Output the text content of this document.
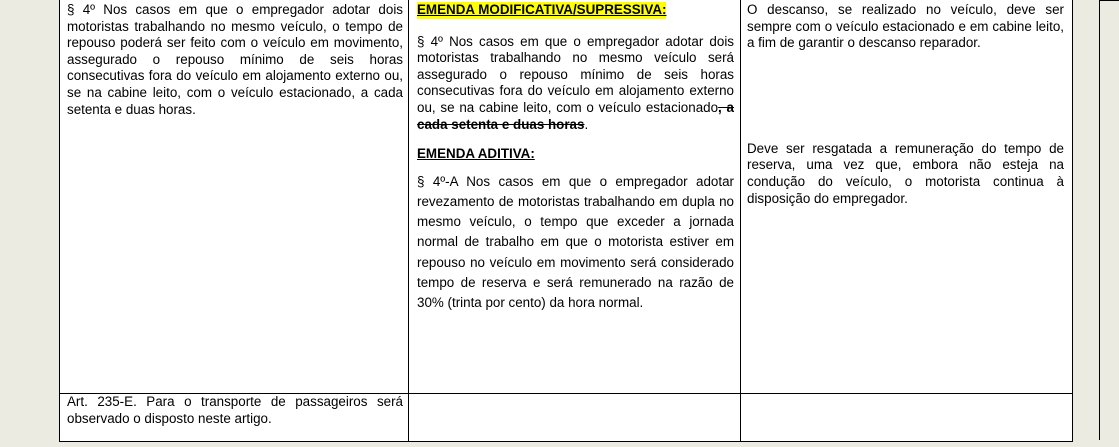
§ 4º Nos casos em que o empregador adotar dois motoristas trabalhando no mesmo veículo, o tempo de repouso poderá ser feito com o veículo em movimento, assegurado o repouso mínimo de seis horas consecutivas fora do veículo em alojamento externo ou, se na cabine leito, com o veículo estacionado, a cada setenta e duas horas.
EMENDA MODIFICATIVA/SUPRESSIVA:
§ 4º Nos casos em que o empregador adotar dois motoristas trabalhando no mesmo veículo será assegurado o repouso mínimo de seis horas consecutivas fora do veículo em alojamento externo ou, se na cabine leito, com o veículo estacionado, a cada setenta e duas horas.
EMENDA ADITIVA:
§ 4º-A Nos casos em que o empregador adotar revezamento de motoristas trabalhando em dupla no mesmo veículo, o tempo que exceder a jornada normal de trabalho em que o motorista estiver em repouso no veículo em movimento será considerado tempo de reserva e será remunerado na razão de 30% (trinta por cento) da hora normal.
O descanso, se realizado no veículo, deve ser sempre com o veículo estacionado e em cabine leito, a fim de garantir o descanso reparador.
Deve ser resgatada a remuneração do tempo de reserva, uma vez que, embora não esteja na condução do veículo, o motorista continua à disposição do empregador.
Art. 235-E. Para o transporte de passageiros será observado o disposto neste artigo.
